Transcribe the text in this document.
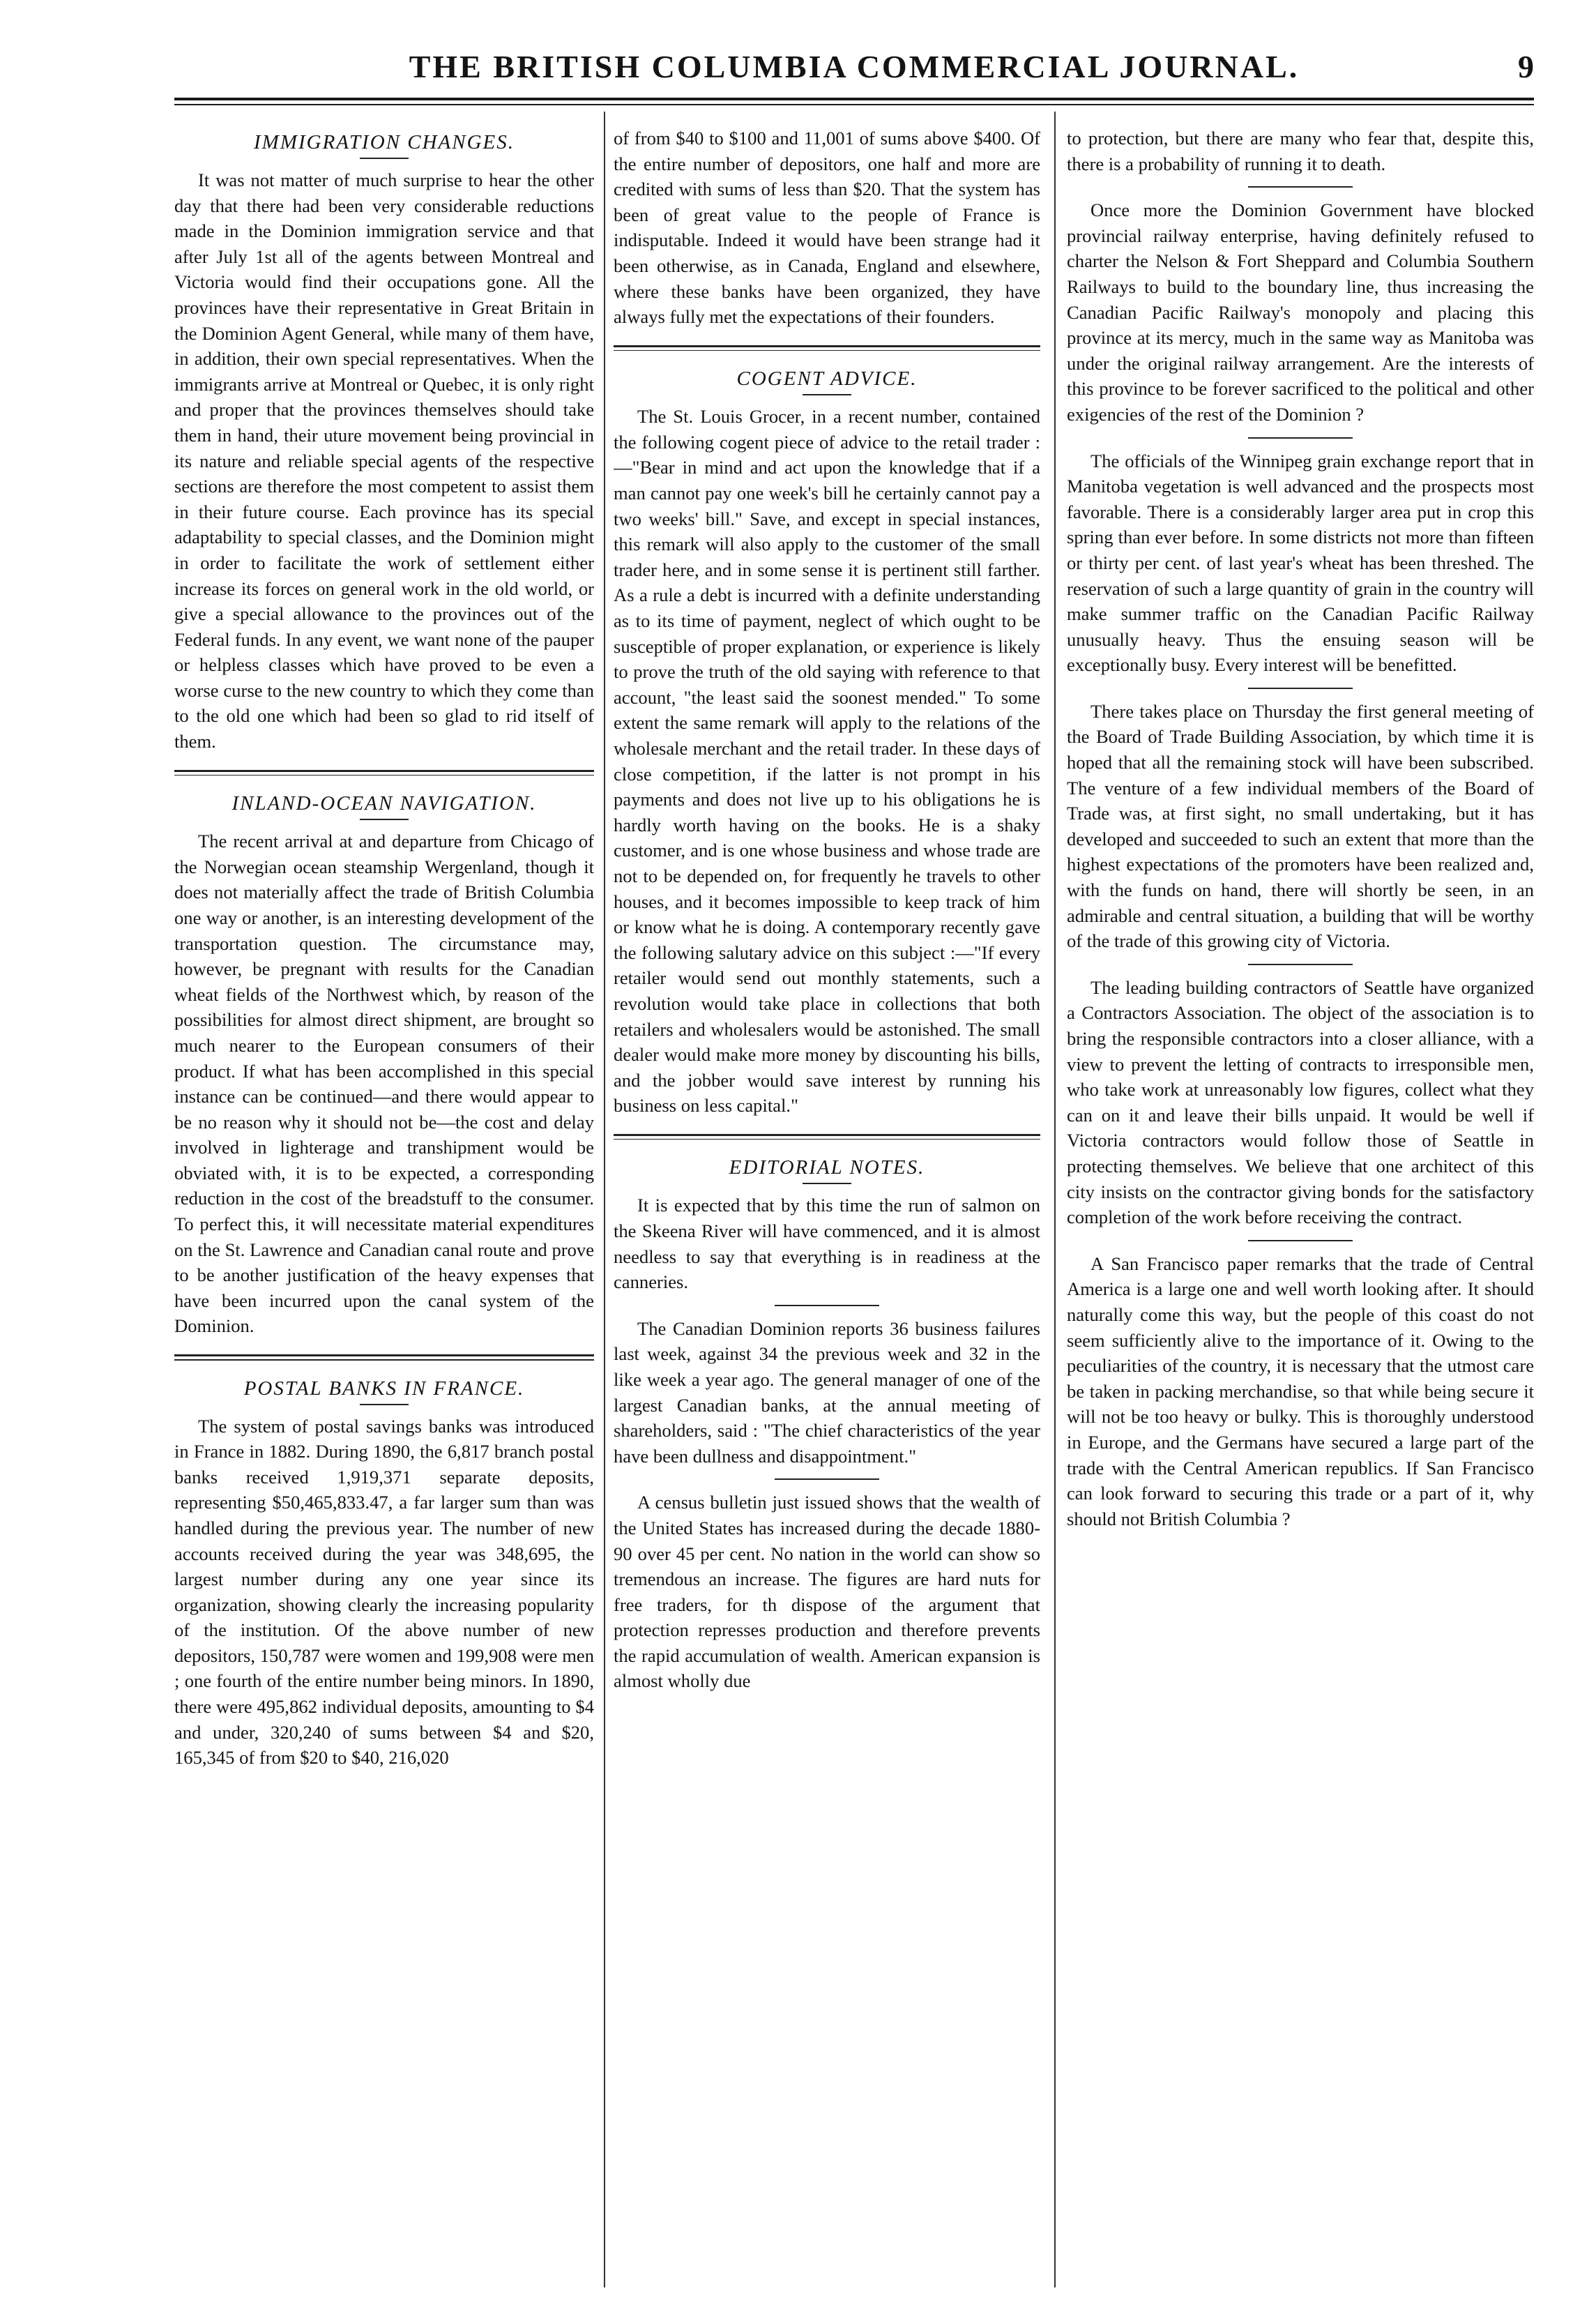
THE BRITISH COLUMBIA COMMERCIAL JOURNAL.	9
IMMIGRATION CHANGES.

It was not matter of much surprise to hear the other day that there had been very considerable reductions made in the Dominion immigration service and that after July 1st all of the agents between Montreal and Victoria would find their occupations gone. All the provinces have their representative in Great Britain in the Dominion Agent General, while many of them have, in addition, their own special representatives. When the immigrants arrive at Montreal or Quebec, it is only right and proper that the provinces themselves should take them in hand, their uture movement being provincial in its nature and reliable special agents of the respective sections are therefore the most competent to assist them in their future course. Each province has its special adaptability to special classes, and the Dominion might in order to facilitate the work of settlement either increase its forces on general work in the old world, or give a special allowance to the provinces out of the Federal funds. In any event, we want none of the pauper or helpless classes which have proved to be even a worse curse to the new country to which they come than to the old one which had been so glad to rid itself of them.

INLAND-OCEAN NAVIGATION.

The recent arrival at and departure from Chicago of the Norwegian ocean steamship Wergenland, though it does not materially affect the trade of British Columbia one way or another, is an interesting development of the transportation question. The circumstance may, however, be pregnant with results for the Canadian wheat fields of the Northwest which, by reason of the possibilities for almost direct shipment, are brought so much nearer to the European consumers of their product. If what has been accomplished in this special instance can be continued—and there would appear to be no reason why it should not be—the cost and delay involved in lighterage and transhipment would be obviated with, it is to be expected, a corresponding reduction in the cost of the breadstuff to the consumer. To perfect this, it will necessitate material expenditures on the St. Lawrence and Canadian canal route and prove to be another justification of the heavy expenses that have been incurred upon the canal system of the Dominion.

POSTAL BANKS IN FRANCE.

The system of postal savings banks was introduced in France in 1882. During 1890, the 6,817 branch postal banks received 1,919,371 separate deposits, representing $50,465,833.47, a far larger sum than was handled during the previous year. The number of new accounts received during the year was 348,695, the largest number during any one year since its organization, showing clearly the increasing popularity of the institution. Of the above number of new depositors, 150,787 were women and 199,908 were men ; one fourth of the entire number being minors. In 1890, there were 495,862 individual deposits, amounting to $4 and under, 320,240 of sums between $4 and $20, 165,345 of from $20 to $40, 216,020

of from $40 to $100 and 11,001 of sums above $400. Of the entire number of depositors, one half and more are credited with sums of less than $20. That the system has been of great value to the people of France is indisputable. Indeed it would have been strange had it been otherwise, as in Canada, England and elsewhere, where these banks have been organized, they have always fully met the expectations of their founders.

COGENT ADVICE.

The St. Louis Grocer, in a recent number, contained the following cogent piece of advice to the retail trader :—"Bear in mind and act upon the knowledge that if a man cannot pay one week's bill he certainly cannot pay a two weeks' bill." Save, and except in special instances, this remark will also apply to the customer of the small trader here, and in some sense it is pertinent still farther. As a rule a debt is incurred with a definite understanding as to its time of payment, neglect of which ought to be susceptible of proper explanation, or experience is likely to prove the truth of the old saying with reference to that account, "the least said the soonest mended." To some extent the same remark will apply to the relations of the wholesale merchant and the retail trader. In these days of close competition, if the latter is not prompt in his payments and does not live up to his obligations he is hardly worth having on the books. He is a shaky customer, and is one whose business and whose trade are not to be depended on, for frequently he travels to other houses, and it becomes impossible to keep track of him or know what he is doing. A contemporary recently gave the following salutary advice on this subject :—"If every retailer would send out monthly statements, such a revolution would take place in collections that both retailers and wholesalers would be astonished. The small dealer would make more money by discounting his bills, and the jobber would save interest by running his business on less capital."

EDITORIAL NOTES.

It is expected that by this time the run of salmon on the Skeena River will have commenced, and it is almost needless to say that everything is in readiness at the canneries.

The Canadian Dominion reports 36 business failures last week, against 34 the previous week and 32 in the like week a year ago. The general manager of one of the largest Canadian banks, at the annual meeting of shareholders, said : "The chief characteristics of the year have been dullness and disappointment."

A census bulletin just issued shows that the wealth of the United States has increased during the decade 1880-90 over 45 per cent. No nation in the world can show so tremendous an increase. The figures are hard nuts for free traders, for th dispose of the argument that protection represses production and therefore prevents the rapid accumulation of wealth. American expansion is almost wholly due

to protection, but there are many who fear that, despite this, there is a probability of running it to death.

Once more the Dominion Government have blocked provincial railway enterprise, having definitely refused to charter the Nelson & Fort Sheppard and Columbia Southern Railways to build to the boundary line, thus increasing the Canadian Pacific Railway's monopoly and placing this province at its mercy, much in the same way as Manitoba was under the original railway arrangement. Are the interests of this province to be forever sacrificed to the political and other exigencies of the rest of the Dominion ?

The officials of the Winnipeg grain exchange report that in Manitoba vegetation is well advanced and the prospects most favorable. There is a considerably larger area put in crop this spring than ever before. In some districts not more than fifteen or thirty per cent. of last year's wheat has been threshed. The reservation of such a large quantity of grain in the country will make summer traffic on the Canadian Pacific Railway unusually heavy. Thus the ensuing season will be exceptionally busy. Every interest will be benefitted.

There takes place on Thursday the first general meeting of the Board of Trade Building Association, by which time it is hoped that all the remaining stock will have been subscribed. The venture of a few individual members of the Board of Trade was, at first sight, no small undertaking, but it has developed and succeeded to such an extent that more than the highest expectations of the promoters have been realized and, with the funds on hand, there will shortly be seen, in an admirable and central situation, a building that will be worthy of the trade of this growing city of Victoria.

The leading building contractors of Seattle have organized a Contractors Association. The object of the association is to bring the responsible contractors into a closer alliance, with a view to prevent the letting of contracts to irresponsible men, who take work at unreasonably low figures, collect what they can on it and leave their bills unpaid. It would be well if Victoria contractors would follow those of Seattle in protecting themselves. We believe that one architect of this city insists on the contractor giving bonds for the satisfactory completion of the work before receiving the contract.

A San Francisco paper remarks that the trade of Central America is a large one and well worth looking after. It should naturally come this way, but the people of this coast do not seem sufficiently alive to the importance of it. Owing to the peculiarities of the country, it is necessary that the utmost care be taken in packing merchandise, so that while being secure it will not be too heavy or bulky. This is thoroughly understood in Europe, and the Germans have secured a large part of the trade with the Central American republics. If San Francisco can look forward to securing this trade or a part of it, why should not British Columbia ?
